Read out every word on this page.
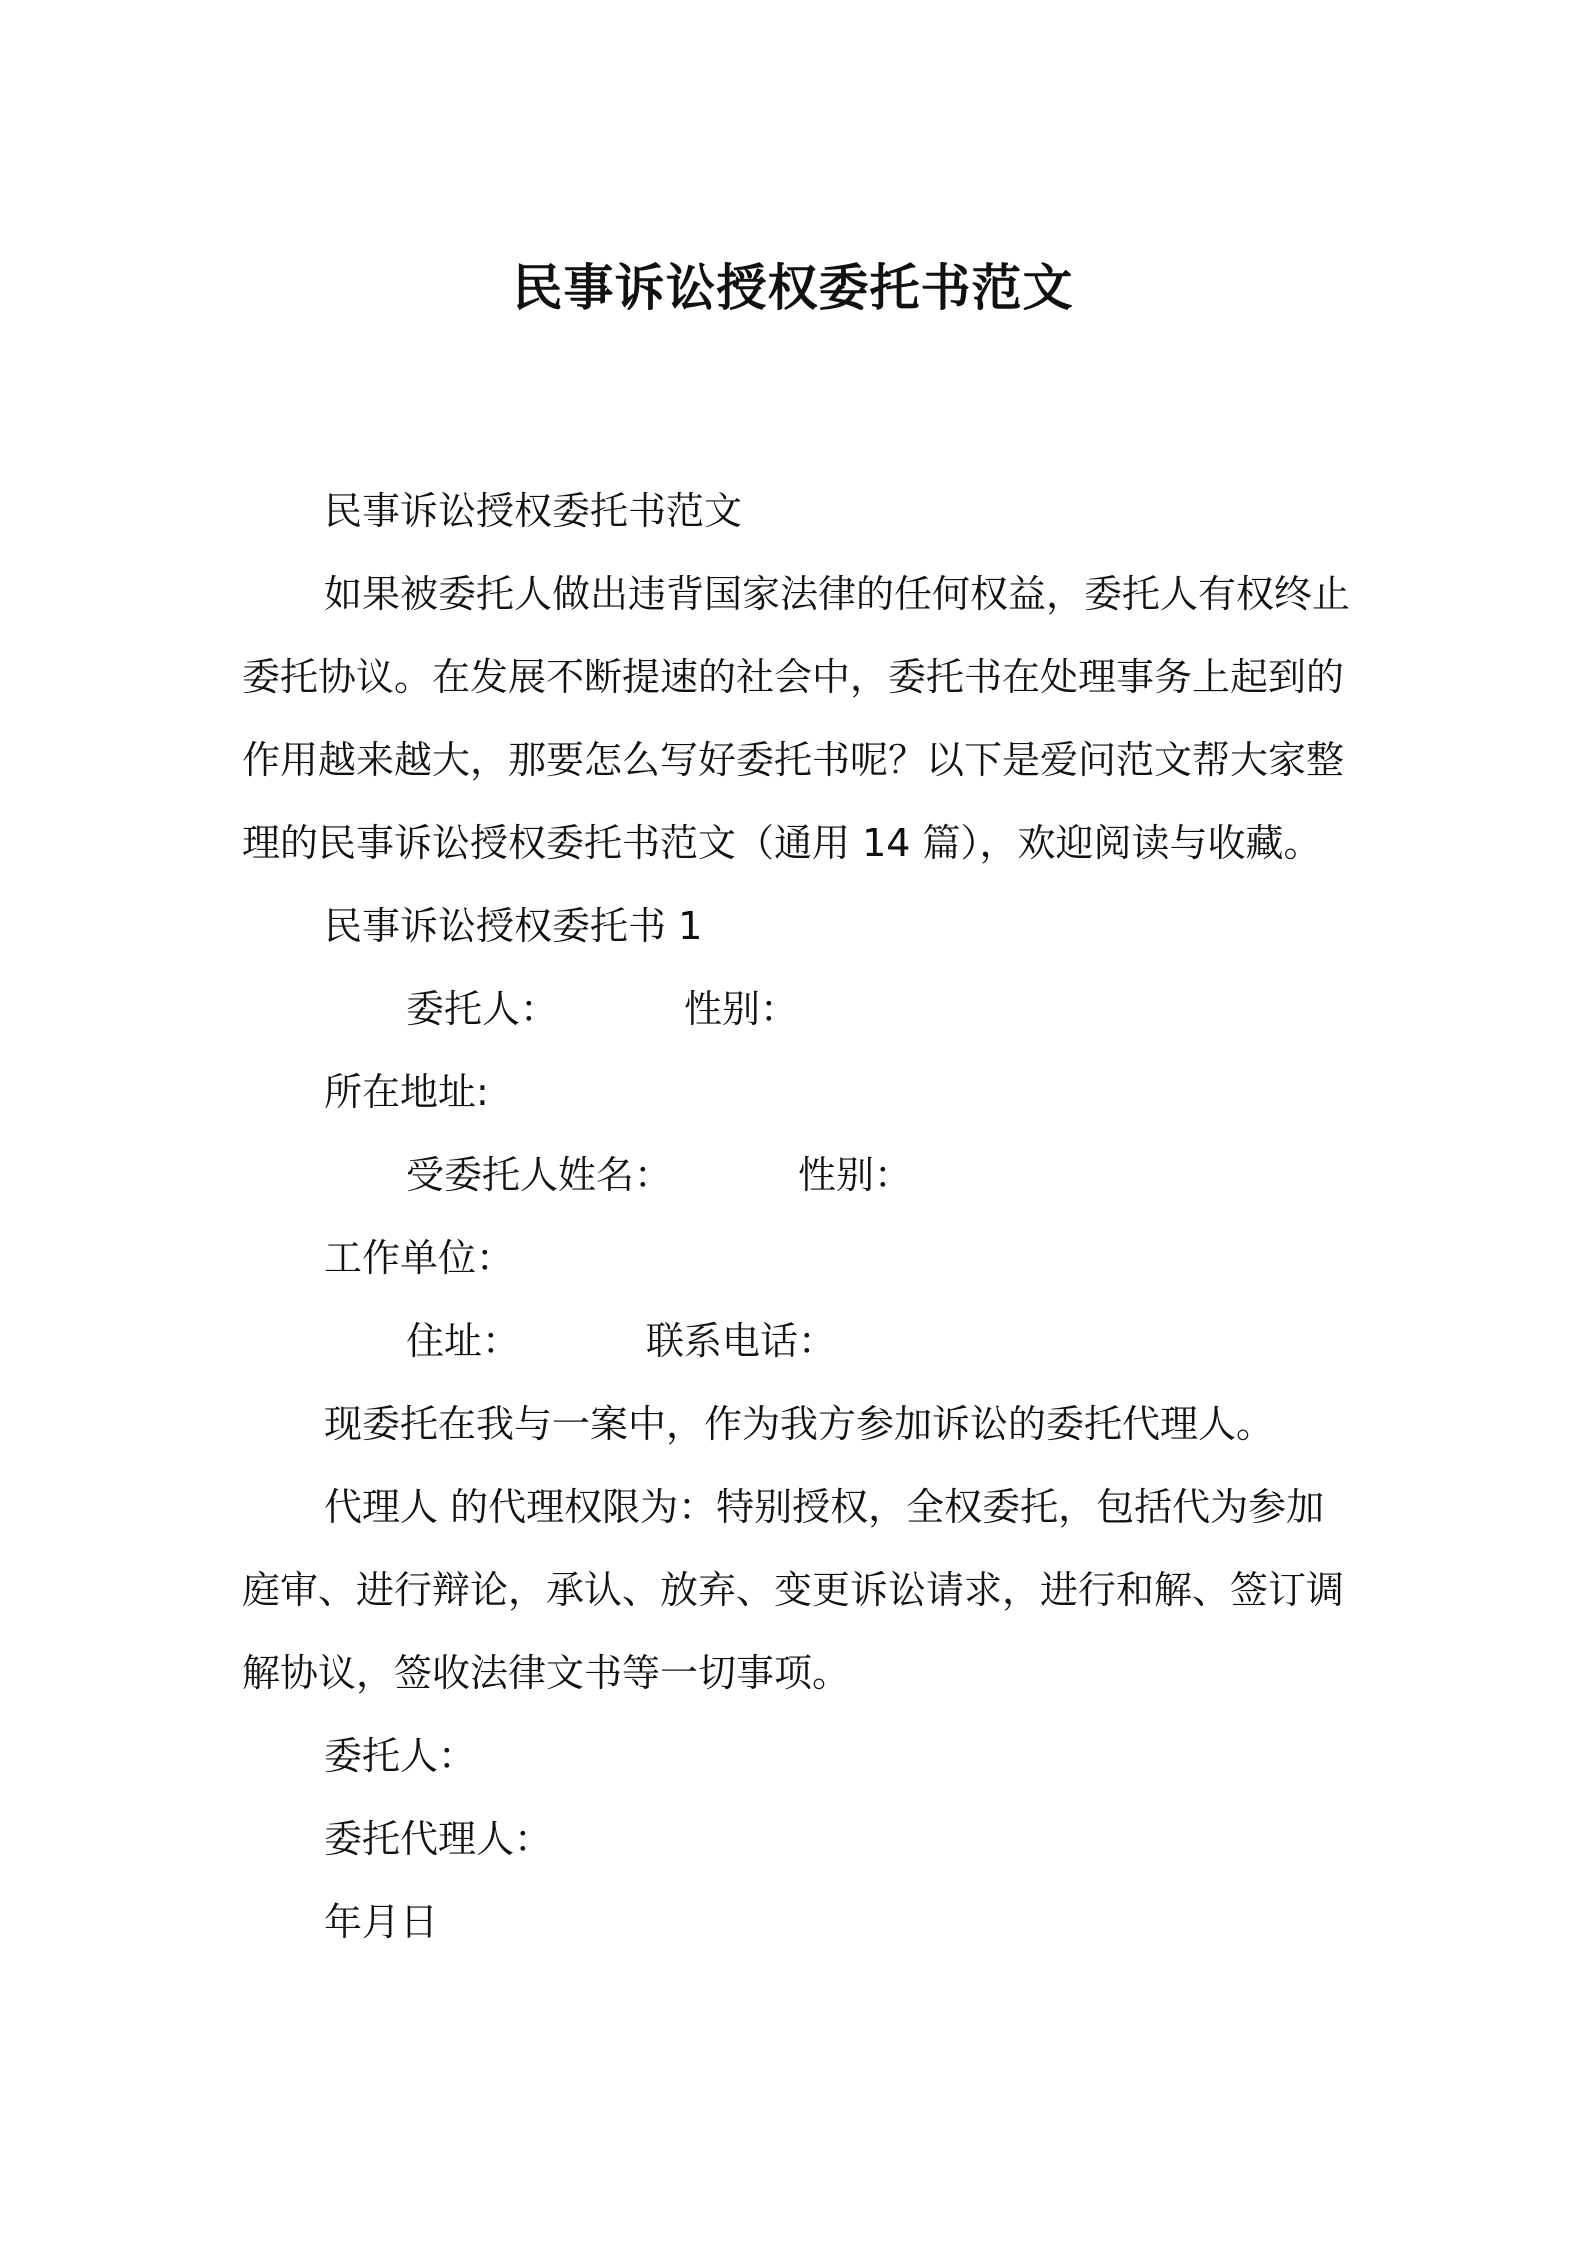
民事诉讼授权委托书范文

民事诉讼授权委托书范文

如果被委托人做出违背国家法律的任何权益，委托人有权终止委托协议。在发展不断提速的社会中，委托书在处理事务上起到的作用越来越大，那要怎么写好委托书呢？以下是爱问范文帮大家整理的民事诉讼授权委托书范文（通用 14 篇），欢迎阅读与收藏。

民事诉讼授权委托书 1

委托人：	性别：

所在地址:

受委托人姓名：	性别：

工作单位：

住址：	联系电话：

现委托在我与一案中，作为我方参加诉讼的委托代理人。

代理人 的代理权限为：特别授权，全权委托，包括代为参加庭审、进行辩论，承认、放弃、变更诉讼请求，进行和解、签订调解协议，签收法律文书等一切事项。

委托人：

委托代理人：

年月日
